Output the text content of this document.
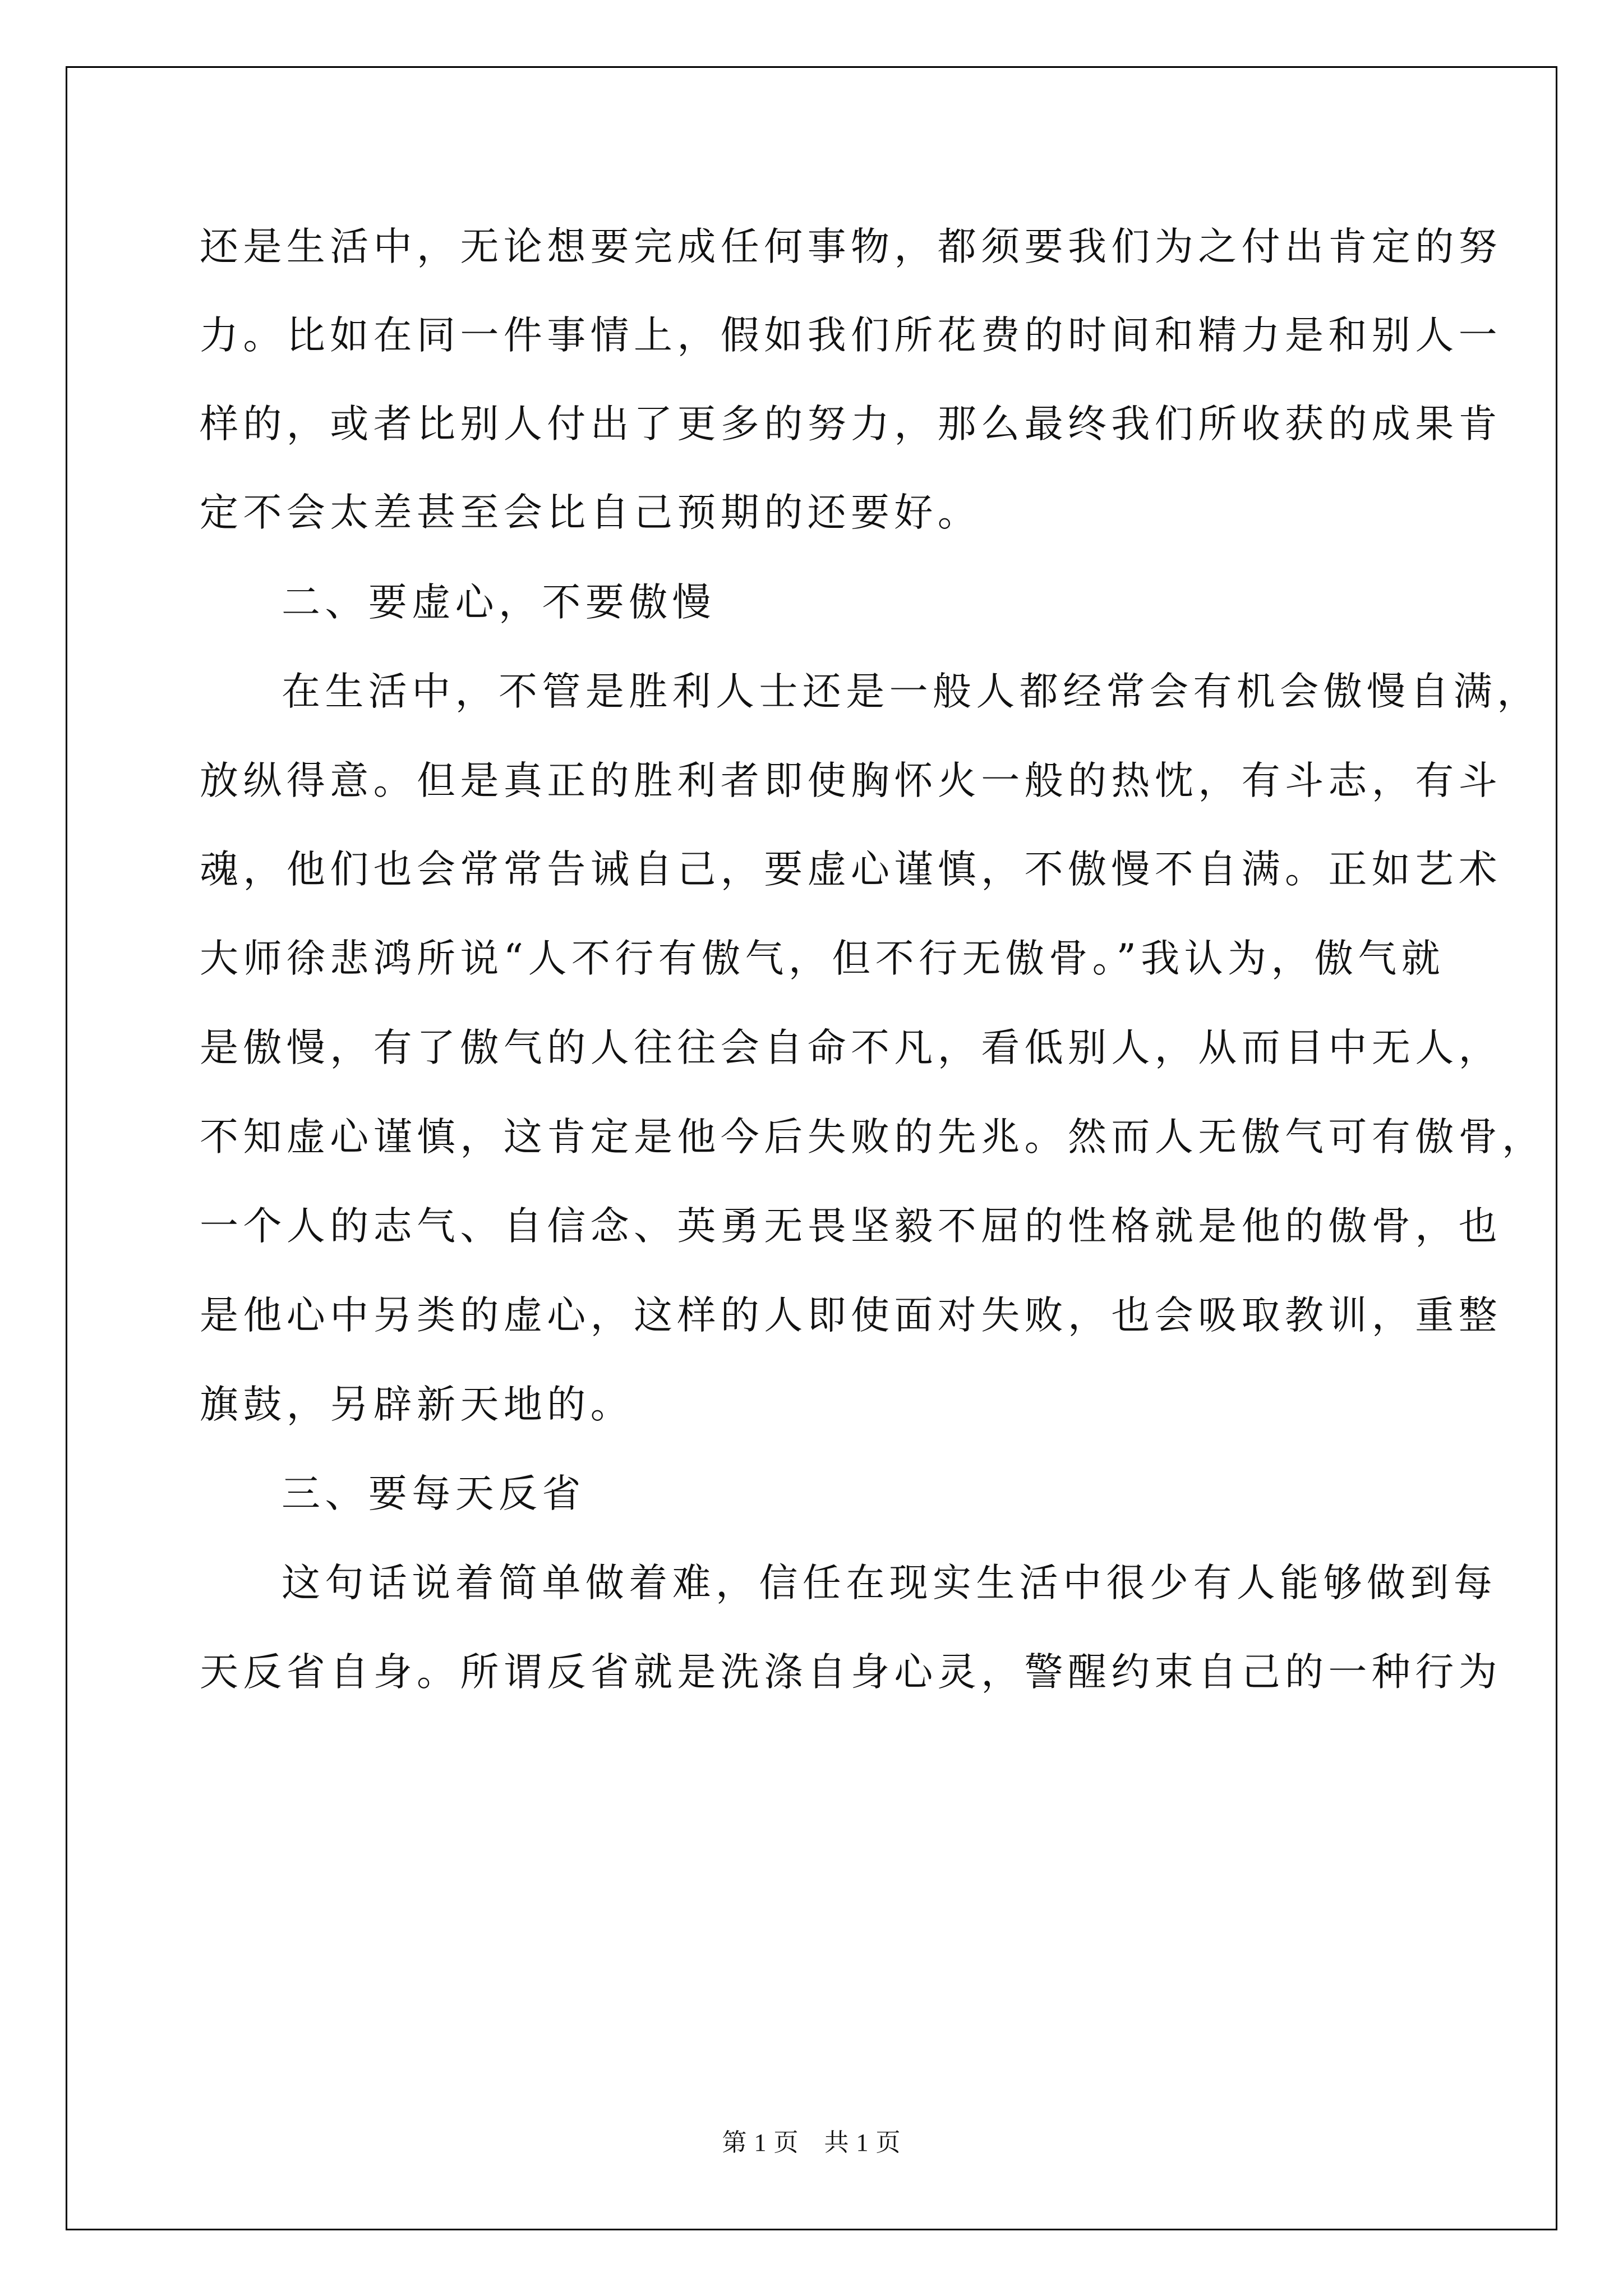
还是生活中，无论想要完成任何事物，都须要我们为之付出肯定的努
力。比如在同一件事情上，假如我们所花费的时间和精力是和别人一
样的，或者比别人付出了更多的努力，那么最终我们所收获的成果肯
定不会太差甚至会比自己预期的还要好。
二、要虚心，不要傲慢
在生活中，不管是胜利人士还是一般人都经常会有机会傲慢自满，
放纵得意。但是真正的胜利者即使胸怀火一般的热忱，有斗志，有斗
魂，他们也会常常告诫自己，要虚心谨慎，不傲慢不自满。正如艺术
大师徐悲鸿所说“人不行有傲气，但不行无傲骨。”我认为，傲气就
是傲慢，有了傲气的人往往会自命不凡，看低别人，从而目中无人，
不知虚心谨慎，这肯定是他今后失败的先兆。然而人无傲气可有傲骨，
一个人的志气、自信念、英勇无畏坚毅不屈的性格就是他的傲骨，也
是他心中另类的虚心，这样的人即使面对失败，也会吸取教训，重整
旗鼓，另辟新天地的。
三、要每天反省
这句话说着简单做着难，信任在现实生活中很少有人能够做到每
天反省自身。所谓反省就是洗涤自身心灵，警醒约束自己的一种行为
第 1 页　共 1 页
